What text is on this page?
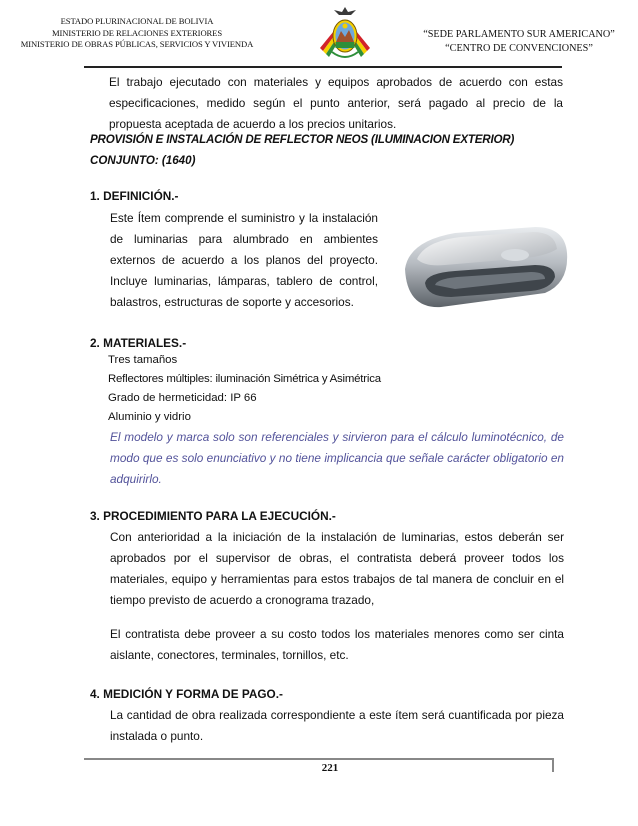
ESTADO PLURINACIONAL DE BOLIVIA
MINISTERIO DE RELACIONES EXTERIORES
MINISTERIO DE OBRAS PÚBLICAS, SERVICIOS Y VIVIENDA
“SEDE PARLAMENTO SUR AMERICANO”
“CENTRO DE CONVENCIONES”
El trabajo ejecutado con materiales y equipos aprobados de acuerdo con estas especificaciones, medido según el punto anterior, será pagado al precio de la propuesta aceptada de acuerdo a los precios unitarios.
PROVISIÓN E INSTALACIÓN DE REFLECTOR NEOS (ILUMINACION EXTERIOR)
CONJUNTO: (1640)
1. DEFINICIÓN.-
Este Ítem comprende el suministro y la instalación de luminarias para alumbrado en ambientes externos de acuerdo a los planos del proyecto. Incluye luminarias, lámparas, tablero de control, balastros, estructuras de soporte y accesorios.
2. MATERIALES.-
Tres tamaños
Reflectores múltiples: iluminación Simétrica y Asimétrica
Grado de hermeticidad: IP 66
Aluminio y vidrio
El modelo y marca solo son referenciales y sirvieron para el cálculo luminotécnico, de modo que es solo enunciativo y no tiene implicancia que señale carácter obligatorio en adquirirlo.
3. PROCEDIMIENTO PARA LA EJECUCIÓN.-
Con anterioridad a la iniciación de la instalación de luminarias, estos deberán ser aprobados por el supervisor de obras, el contratista deberá proveer todos los materiales, equipo y herramientas para estos trabajos de tal manera de concluir en el tiempo previsto de acuerdo a cronograma trazado,
El contratista debe proveer a su costo todos los materiales menores como ser cinta aislante, conectores, terminales, tornillos, etc.
4. MEDICIÓN Y FORMA DE PAGO.-
La cantidad de obra realizada correspondiente a este ítem será cuantificada por pieza instalada o punto.
221
